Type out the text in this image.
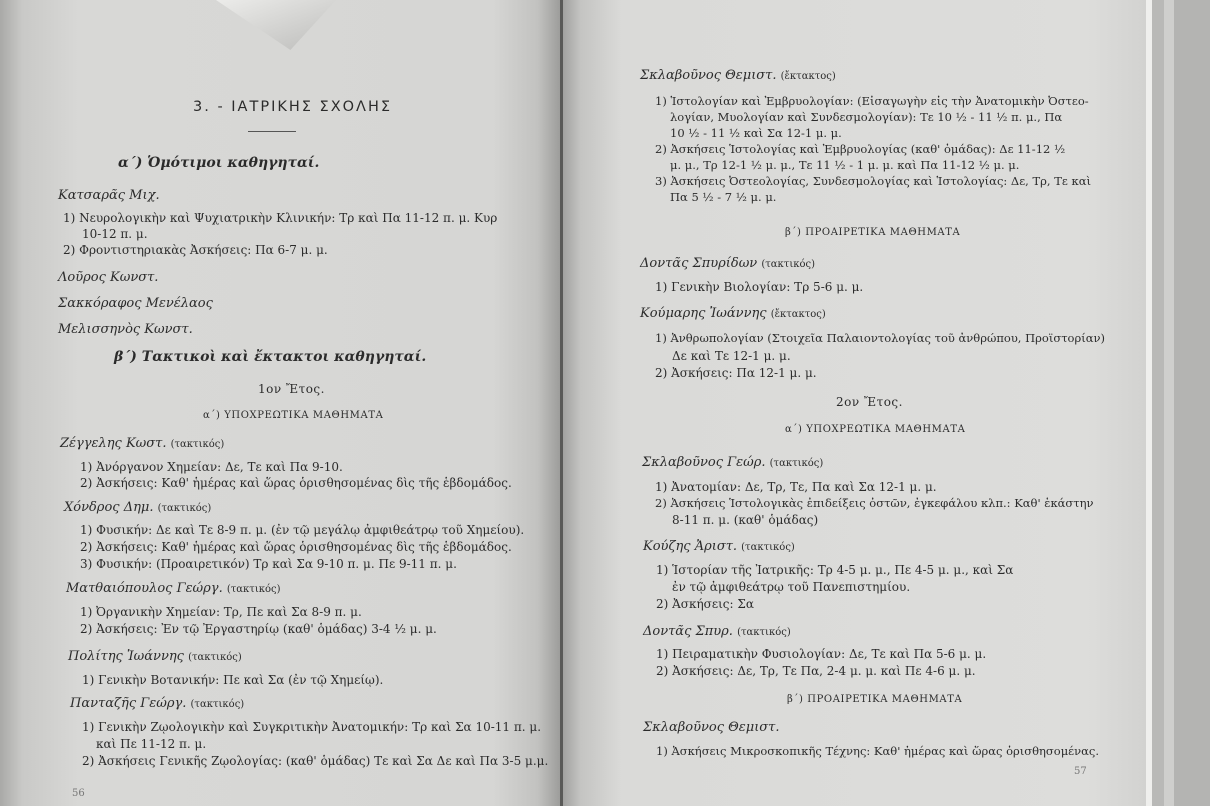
3. - ΙΑΤΡΙΚΗΣ ΣΧΟΛΗΣ
α΄) Ὁμότιμοι καθηγηταί.
Κατσαρᾶς Μιχ.
1) Νευρολογικὴν καὶ Ψυχιατρικὴν Κλινικήν: Τρ καὶ Πα 11-12 π. μ. Κυρ
10-12 π. μ.
2) Φροντιστηριακὰς Ἀσκήσεις: Πα 6-7 μ. μ.
Λοῦρος Κωνστ.
Σακκόραφος Μενέλαος
Μελισσηνὸς Κωνστ.
β΄) Τακτικοὶ καὶ ἔκτακτοι καθηγηταί.
1ον Ἔτος.
α΄) ΥΠΟΧΡΕΩΤΙΚΑ ΜΑΘΗΜΑΤΑ
Ζέγγελης Κωστ. (τακτικός)
1) Ἀνόργανον Χημείαν: Δε, Τε καὶ Πα 9-10.
2) Ἀσκήσεις: Καθ' ἡμέρας καὶ ὥρας ὁρισθησομένας δὶς τῆς ἑβδομάδος.
Χόνδρος Δημ. (τακτικός)
1) Φυσικήν: Δε καὶ Τε 8-9 π. μ. (ἐν τῷ μεγάλῳ ἀμφιθεάτρῳ τοῦ Χημείου).
2) Ἀσκήσεις: Καθ' ἡμέρας καὶ ὥρας ὁρισθησομένας δὶς τῆς ἑβδομάδος.
3) Φυσικήν: (Προαιρετικόν) Τρ καὶ Σα 9-10 π. μ. Πε 9-11 π. μ.
Ματθαιόπουλος Γεώργ. (τακτικός)
1) Ὀργανικὴν Χημείαν: Τρ, Πε καὶ Σα 8-9 π. μ.
2) Ἀσκήσεις: Ἐν τῷ Ἐργαστηρίῳ (καθ' ὁμάδας) 3-4 ½ μ. μ.
Πολίτης Ἰωάννης (τακτικός)
1) Γενικὴν Βοτανικήν: Πε καὶ Σα (ἐν τῷ Χημείῳ).
Πανταζῆς Γεώργ. (τακτικός)
1) Γενικὴν Ζῳολογικὴν καὶ Συγκριτικὴν Ἀνατομικήν: Τρ καὶ Σα 10-11 π. μ.
καὶ Πε 11-12 π. μ.
2) Ἀσκήσεις Γενικῆς Ζῳολογίας: (καθ' ὁμάδας) Τε καὶ Σα Δε καὶ Πα 3-5 μ.μ.
56
Σκλαβοῦνος Θεμιστ. (ἔκτακτος)
1) Ἱστολογίαν καὶ Ἐμβρυολογίαν: (Εἰσαγωγὴν εἰς τὴν Ἀνατομικὴν Ὀστεο-
λογίαν, Μυολογίαν καὶ Συνδεσμολογίαν): Τε 10 ½ - 11 ½ π. μ., Πα
10 ½ - 11 ½ καὶ Σα 12-1 μ. μ.
2) Ἀσκήσεις Ἱστολογίας καὶ Ἐμβρυολογίας (καθ' ὁμάδας): Δε 11-12 ½
μ. μ., Τρ 12-1 ½ μ. μ., Τε 11 ½ - 1 μ. μ. καὶ Πα 11-12 ½ μ. μ.
3) Ἀσκήσεις Ὀστεολογίας, Συνδεσμολογίας καὶ Ἱστολογίας: Δε, Τρ, Τε καὶ
Πα 5 ½ - 7 ½ μ. μ.
β΄) ΠΡΟΑΙΡΕΤΙΚΑ ΜΑΘΗΜΑΤΑ
Δοντᾶς Σπυρίδων (τακτικός)
1) Γενικὴν Βιολογίαν: Τρ 5-6 μ. μ.
Κούμαρης Ἰωάννης (ἔκτακτος)
1) Ἀνθρωπολογίαν (Στοιχεῖα Παλαιοντολογίας τοῦ ἀνθρώπου, Προϊστορίαν)
Δε καὶ Τε 12-1 μ. μ.
2) Ἀσκήσεις: Πα 12-1 μ. μ.
2ον Ἔτος.
α΄) ΥΠΟΧΡΕΩΤΙΚΑ ΜΑΘΗΜΑΤΑ
Σκλαβοῦνος Γεώρ. (τακτικός)
1) Ἀνατομίαν: Δε, Τρ, Τε, Πα καὶ Σα 12-1 μ. μ.
2) Ἀσκήσεις Ἱστολογικὰς ἐπιδείξεις ὀστῶν, ἐγκεφάλου κλπ.: Καθ' ἑκάστην
8-11 π. μ. (καθ' ὁμάδας)
Κούζης Ἀριστ. (τακτικός)
1) Ἱστορίαν τῆς Ἰατρικῆς: Τρ 4-5 μ. μ., Πε 4-5 μ. μ., καὶ Σα
ἐν τῷ ἀμφιθεάτρῳ τοῦ Πανεπιστημίου.
2) Ἀσκήσεις: Σα
Δοντᾶς Σπυρ. (τακτικός)
1) Πειραματικὴν Φυσιολογίαν: Δε, Τε καὶ Πα 5-6 μ. μ.
2) Ἀσκήσεις: Δε, Τρ, Τε Πα, 2-4 μ. μ. καὶ Πε 4-6 μ. μ.
β΄) ΠΡΟΑΙΡΕΤΙΚΑ ΜΑΘΗΜΑΤΑ
Σκλαβοῦνος Θεμιστ.
1) Ἀσκήσεις Μικροσκοπικῆς Τέχνης: Καθ' ἡμέρας καὶ ὥρας ὁρισθησομένας.
57
